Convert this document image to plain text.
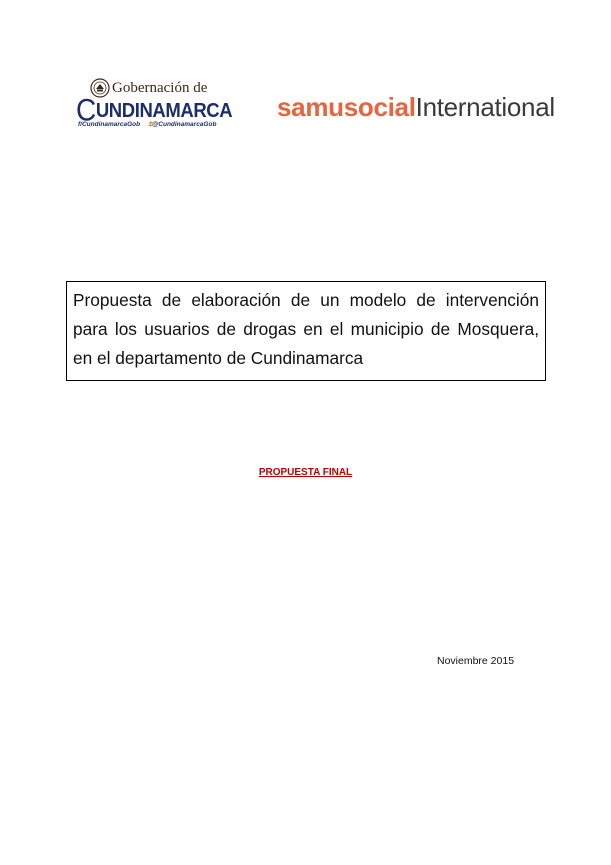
Gobernación de
CUNDINAMARCA
f/CundinamarcaGob 𝕿@CundinamarcaGob
samusocialInternational

Propuesta de elaboración de un modelo de intervención para los usuarios de drogas en el municipio de Mosquera, en el departamento de Cundinamarca

PROPUESTA FINAL
Noviembre 2015
